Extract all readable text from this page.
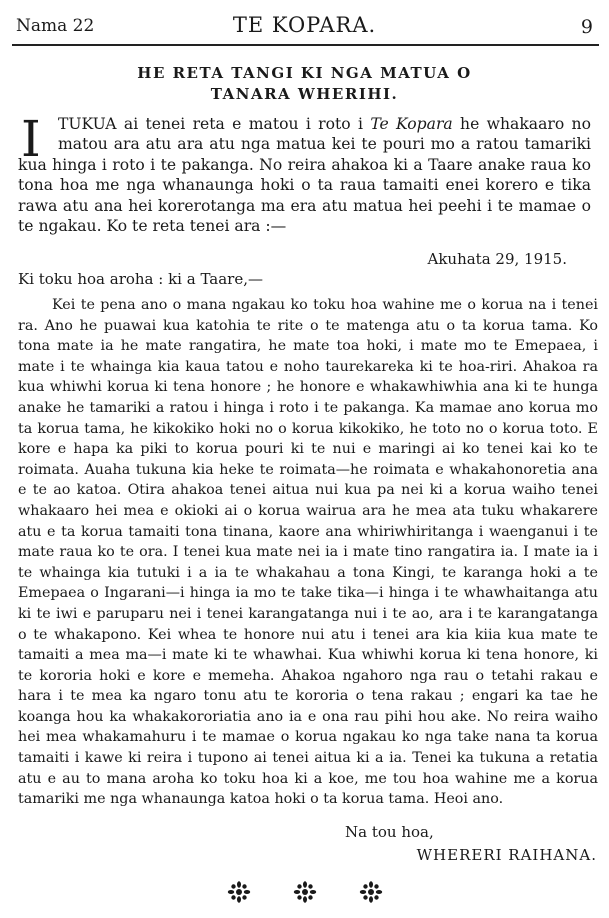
Nama 22	TE KOPARA.	9
HE RETA TANGI KI NGA MATUA O
TANARA WHERIHI.
I	TUKUA ai tenei reta e matou i roto i Te Kopara he whakaaro no matou ara atu ara atu nga matua kei te pouri mo a ratou tamariki kua hinga i roto i te pakanga. No reira ahakoa ki a Taare anake raua ko tona hoa me nga whanaunga hoki o ta raua tamaiti enei korero e tika rawa atu ana hei korerotanga ma era atu matua hei peehi i te mamae o te ngakau. Ko te reta tenei ara :—

Akuhata 29, 1915.
Ki toku hoa aroha : ki a Taare,—

Kei te pena ano o mana ngakau ko toku hoa wahine me o korua na i tenei ra. Ano he puawai kua katohia te rite o te matenga atu o ta korua tama. Ko tona mate ia he mate rangatira, he mate toa hoki, i mate mo te Emepaea, i mate i te whainga kia kaua tatou e noho taurekareka ki te hoa-riri. Ahakoa ra kua whiwhi korua ki tena honore ; he honore e whakawhiwhia ana ki te hunga anake he tamariki a ratou i hinga i roto i te pakanga. Ka mamae ano korua mo ta korua tama, he kikokiko hoki no o korua kikokiko, he toto no o korua toto. E kore e hapa ka piki to korua pouri ki te nui e maringi ai ko tenei kai ko te roimata. Auaha tukuna kia heke te roimata—he roimata e whakahonoretia ana e te ao katoa. Otira ahakoa tenei aitua nui kua pa nei ki a korua waiho tenei whakaaro hei mea e okioki ai o korua wairua ara he mea ata tuku whakarere atu e ta korua tamaiti tona tinana, kaore ana whiriwhiritanga i waenganui i te mate raua ko te ora. I tenei kua mate nei ia i mate tino rangatira ia. I mate ia i te whainga kia tutuki i a ia te whakahau a tona Kingi, te karanga hoki a te Emepaea o Ingarani—i hinga ia mo te take tika—i hinga i te whawhaitanga atu ki te iwi e paruparu nei i tenei karangatanga nui i te ao, ara i te karangatanga o te whakapono. Kei whea te honore nui atu i tenei ara kia kiia kua mate te tamaiti a mea ma—i mate ki te whawhai. Kua whiwhi korua ki tena honore, ki te kororia hoki e kore e memeha. Ahakoa ngahoro nga rau o tetahi rakau e hara i te mea ka ngaro tonu atu te kororia o tena rakau ; engari ka tae he koanga hou ka whakakororiatia ano ia e ona rau pihi hou ake. No reira waiho hei mea whakamahuru i te mamae o korua ngakau ko nga take nana ta korua tamaiti i kawe ki reira i tupono ai tenei aitua ki a ia. Tenei ka tukuna a retatia atu e au to mana aroha ko toku hoa ki a koe, me tou hoa wahine me a korua tamariki me nga whanaunga katoa hoki o ta korua tama. Heoi ano.

Na tou hoa,
WHERERI RAIHANA.
